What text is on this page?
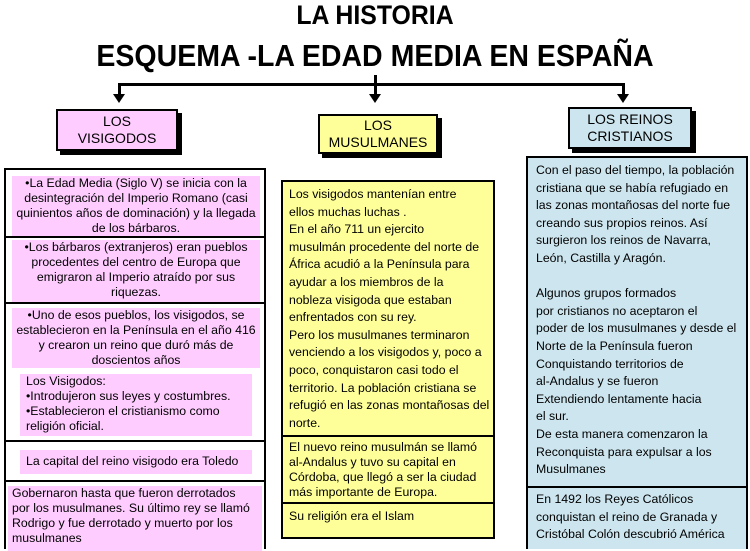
LA HISTORIA
ESQUEMA -LA EDAD MEDIA EN ESPAÑA
LOS
VISIGODOS
LOS
MUSULMANES
LOS REINOS
CRISTIANOS
•La Edad Media (Siglo V) se inicia con la
desintegración del Imperio Romano (casi
quinientos años de dominación) y la llegada
de los bárbaros.
•Los bárbaros (extranjeros) eran pueblos
procedentes del centro de Europa que
emigraron al Imperio atraído por sus
riquezas.
•Uno de esos pueblos, los visigodos, se
establecieron en la Península en el año 416
y crearon un reino que duró más de
doscientos años
Los Visigodos:
•Introdujeron sus leyes y costumbres.
•Establecieron el cristianismo como
religión oficial.
La capital del reino visigodo era Toledo
Gobernaron hasta que fueron derrotados
por los musulmanes. Su último rey se llamó
Rodrigo y fue derrotado y muerto por los
musulmanes
Los visigodos mantenían entre
ellos muchas luchas .
En el año 711 un ejercito
musulmán procedente del norte de
África acudió a la Península para
ayudar a los miembros de la
nobleza visigoda que estaban
enfrentados con su rey.
Pero los musulmanes terminaron
venciendo a los visigodos y, poco a
poco, conquistaron casi todo el
territorio. La población cristiana se
refugió en las zonas montañosas del
norte.
El nuevo reino musulmán se llamó
al-Andalus y tuvo su capital en
Córdoba, que llegó a ser la ciudad
más importante de Europa.
Su religión era el Islam
Con el paso del tiempo, la población
cristiana que se había refugiado en
las zonas montañosas del norte fue
creando sus propios reinos. Así
surgieron los reinos de Navarra,
León, Castilla y Aragón.
Algunos grupos formados
por cristianos no aceptaron el
poder de los musulmanes y desde el
Norte de la Península fueron
Conquistando territorios de
al-Andalus y se fueron
Extendiendo lentamente hacia
el sur.
De esta manera comenzaron la
Reconquista para expulsar a los
Musulmanes
En 1492 los Reyes Católicos
conquistan el reino de Granada y
Cristóbal Colón descubrió América
